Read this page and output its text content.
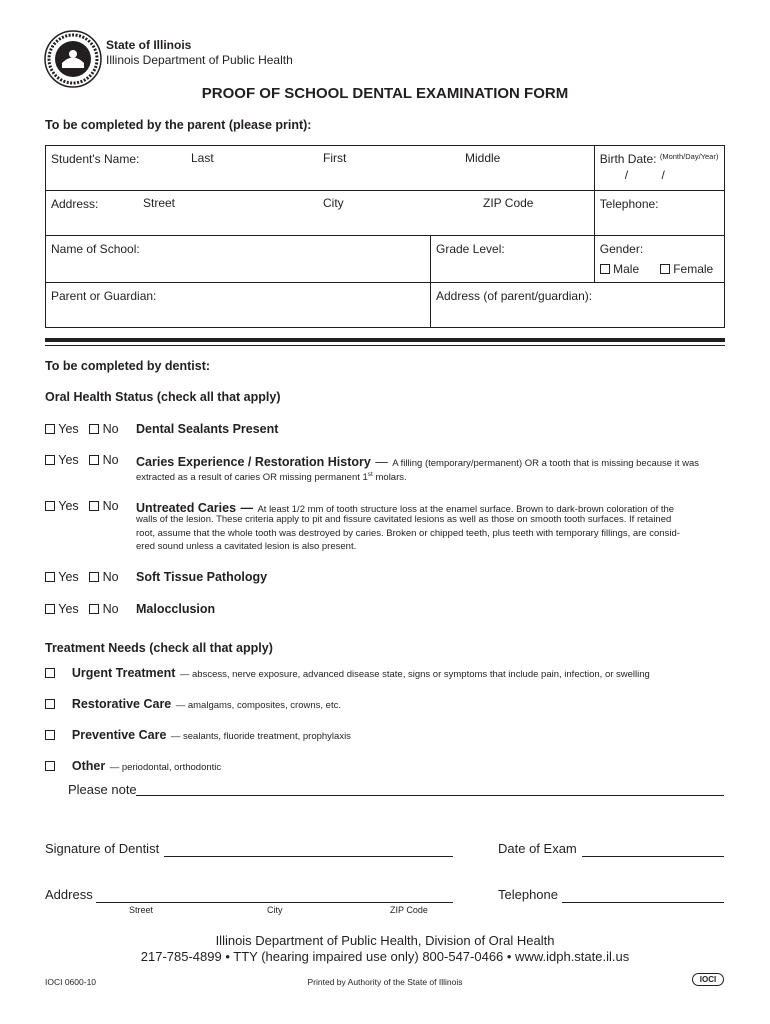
State of Illinois
Illinois Department of Public Health
PROOF OF SCHOOL DENTAL EXAMINATION FORM
To be completed by the parent (please print):
Student's Name: Last First Middle		Birth Date: $^{(Month/Day/Year)}$
/          /

Address: Street City ZIP Code		Telephone:
Name of School:	Grade Level:	Gender:
Male Female

Parent or Guardian:	Address (of parent/guardian):	
To be completed by dentist:
Oral Health Status (check all that apply)
Yes No Dental Sealants Present
Yes No Caries Experience / Restoration History — A filling (temporary/permanent) OR a tooth that is missing because it was
extracted as a result of caries OR missing permanent 1st molars.
Yes No Untreated Caries — At least 1/2 mm of tooth structure loss at the enamel surface. Brown to dark-brown coloration of the
walls of the lesion. These criteria apply to pit and fissure cavitated lesions as well as those on smooth tooth surfaces. If retained
root, assume that the whole tooth was destroyed by caries. Broken or chipped teeth, plus teeth with temporary fillings, are consid-
ered sound unless a cavitated lesion is also present.
Yes No Soft Tissue Pathology
Yes No Malocclusion
Treatment Needs (check all that apply)
Urgent Treatment — abscess, nerve exposure, advanced disease state, signs or symptoms that include pain, infection, or swelling
Restorative Care — amalgams, composites, crowns, etc.
Preventive Care — sealants, fluoride treatment, prophylaxis
Other — periodontal, orthodontic
Please note
Signature of Dentist	Date of Exam
Address	Telephone
Street	City	ZIP Code
Illinois Department of Public Health, Division of Oral Health
217-785-4899 • TTY (hearing impaired use only) 800-547-0466 • www.idph.state.il.us
IOCI 0600-10	Printed by Authority of the State of Illinois	IOCI
